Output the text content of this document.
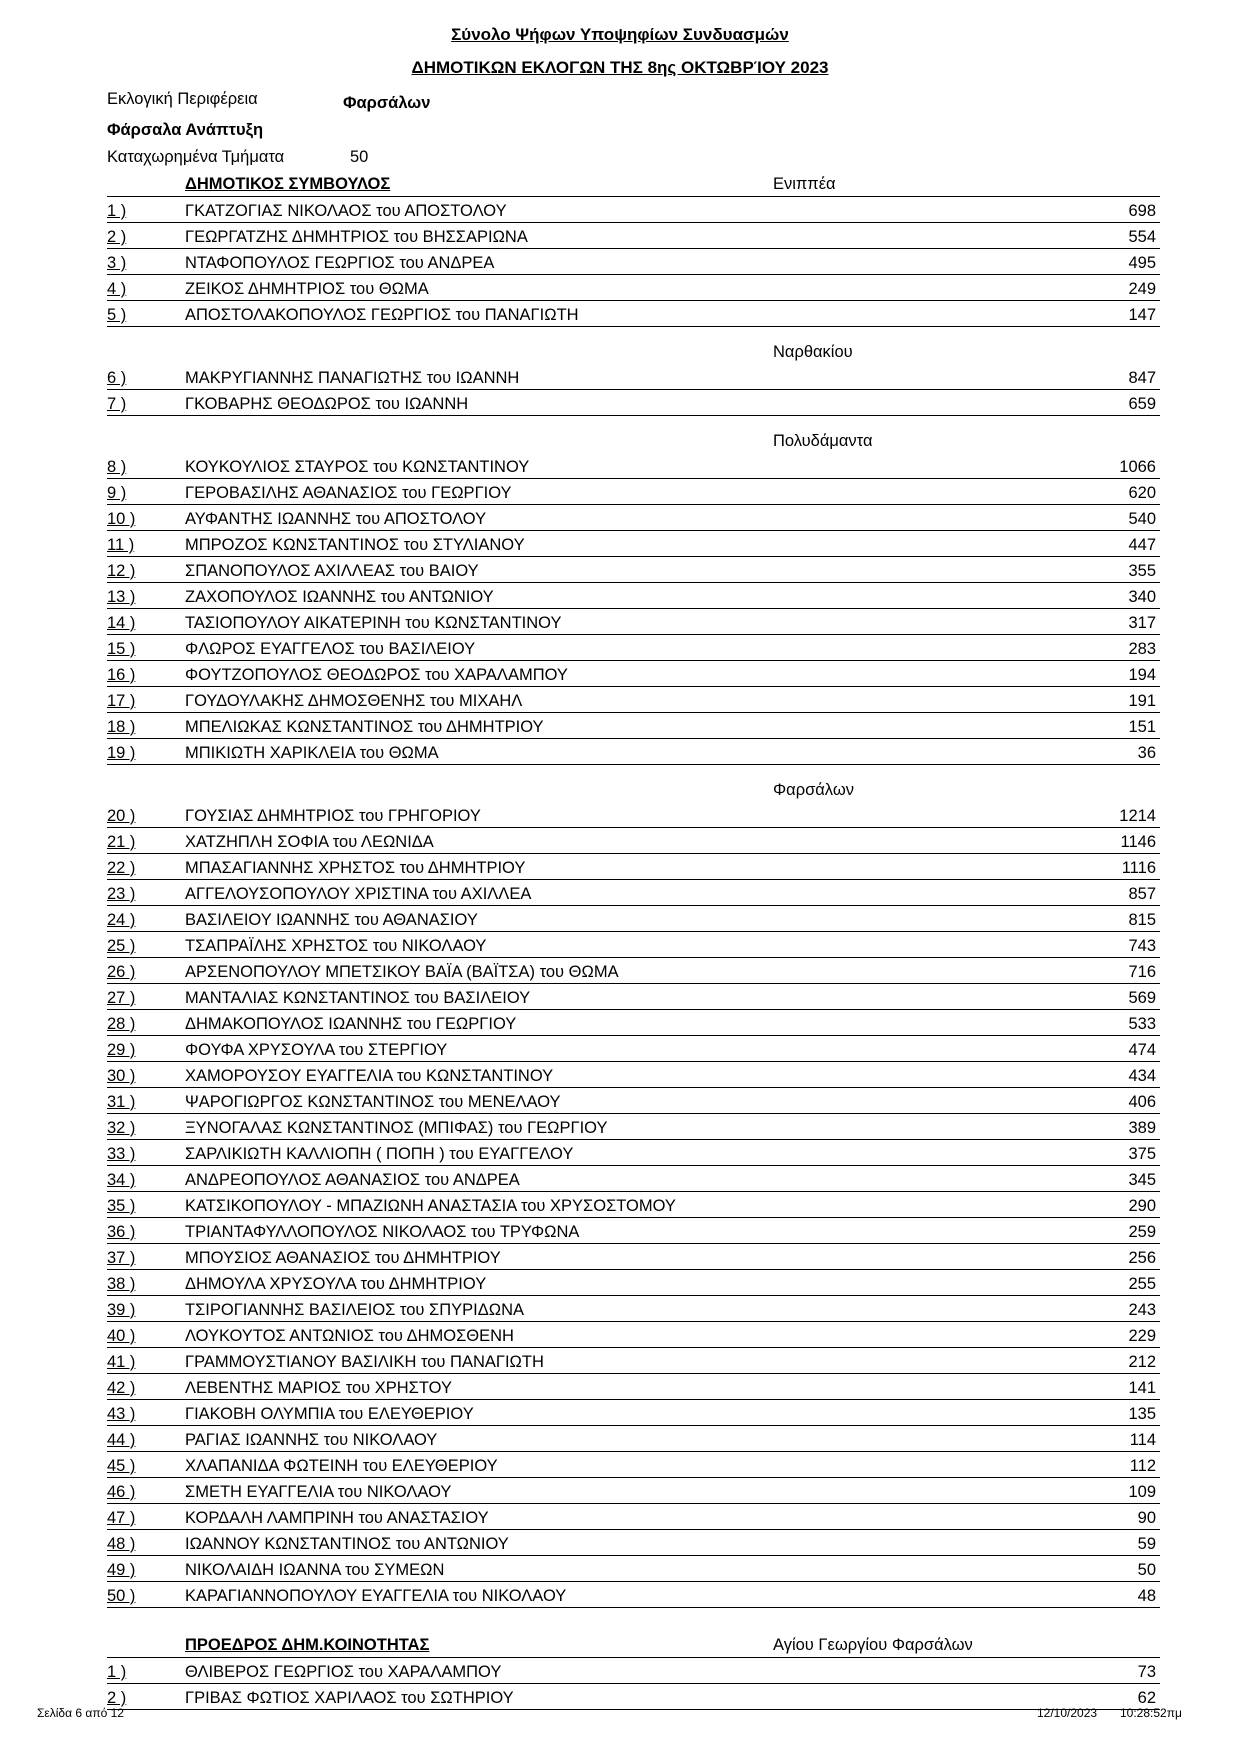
Σύνολο Ψήφων Υποψηφίων Συνδυασμών
ΔΗΜΟΤΙΚΩΝ ΕΚΛΟΓΩΝ ΤΗΣ 8ης ΟΚΤΩΒΡΊΟΥ 2023
Εκλογική Περιφέρεια	Φαρσάλων
Φάρσαλα Ανάπτυξη
Καταχωρημένα Τμήματα	50
ΔΗΜΟΤΙΚΟΣ ΣΥΜΒΟΥΛΟΣ	Ενιππέα
1 )	ΓΚΑΤΖΟΓΙΑΣ ΝΙΚΟΛΑΟΣ του ΑΠΟΣΤΟΛΟΥ	698
2 )	ΓΕΩΡΓΑΤΖΗΣ ΔΗΜΗΤΡΙΟΣ του ΒΗΣΣΑΡΙΩΝΑ	554
3 )	ΝΤΑΦΟΠΟΥΛΟΣ ΓΕΩΡΓΙΟΣ του ΑΝΔΡΕΑ	495
4 )	ΖΕΙΚΟΣ ΔΗΜΗΤΡΙΟΣ του ΘΩΜΑ	249
5 )	ΑΠΟΣΤΟΛΑΚΟΠΟΥΛΟΣ ΓΕΩΡΓΙΟΣ του ΠΑΝΑΓΙΩΤΗ	147
Ναρθακίου
6 )	ΜΑΚΡΥΓΙΑΝΝΗΣ ΠΑΝΑΓΙΩΤΗΣ του ΙΩΑΝΝΗ	847
7 )	ΓΚΟΒΑΡΗΣ ΘΕΟΔΩΡΟΣ του ΙΩΑΝΝΗ	659
Πολυδάμαντα
8 )	ΚΟΥΚΟΥΛΙΟΣ ΣΤΑΥΡΟΣ του ΚΩΝΣΤΑΝΤΙΝΟΥ	1066
9 )	ΓΕΡΟΒΑΣΙΛΗΣ ΑΘΑΝΑΣΙΟΣ του ΓΕΩΡΓΙΟΥ	620
10 )	ΑΥΦΑΝΤΗΣ ΙΩΑΝΝΗΣ του ΑΠΟΣΤΟΛΟΥ	540
11 )	ΜΠΡΟΖΟΣ ΚΩΝΣΤΑΝΤΙΝΟΣ του ΣΤΥΛΙΑΝΟΥ	447
12 )	ΣΠΑΝΟΠΟΥΛΟΣ ΑΧΙΛΛΕΑΣ του ΒΑΙΟΥ	355
13 )	ΖΑΧΟΠΟΥΛΟΣ ΙΩΑΝΝΗΣ του ΑΝΤΩΝΙΟΥ	340
14 )	ΤΑΣΙΟΠΟΥΛΟΥ ΑΙΚΑΤΕΡΙΝΗ του ΚΩΝΣΤΑΝΤΙΝΟΥ	317
15 )	ΦΛΩΡΟΣ ΕΥΑΓΓΕΛΟΣ του ΒΑΣΙΛΕΙΟΥ	283
16 )	ΦΟΥΤΖΟΠΟΥΛΟΣ ΘΕΟΔΩΡΟΣ του ΧΑΡΑΛΑΜΠΟΥ	194
17 )	ΓΟΥΔΟΥΛΑΚΗΣ ΔΗΜΟΣΘΕΝΗΣ του ΜΙΧΑΗΛ	191
18 )	ΜΠΕΛΙΩΚΑΣ ΚΩΝΣΤΑΝΤΙΝΟΣ του ΔΗΜΗΤΡΙΟΥ	151
19 )	ΜΠΙΚΙΩΤΗ ΧΑΡΙΚΛΕΙΑ του ΘΩΜΑ	36
Φαρσάλων
20 )	ΓΟΥΣΙΑΣ ΔΗΜΗΤΡΙΟΣ του ΓΡΗΓΟΡΙΟΥ	1214
21 )	ΧΑΤΖΗΠΛΗ ΣΟΦΙΑ του ΛΕΩΝΙΔΑ	1146
22 )	ΜΠΑΣΑΓΙΑΝΝΗΣ ΧΡΗΣΤΟΣ του ΔΗΜΗΤΡΙΟΥ	1116
23 )	ΑΓΓΕΛΟΥΣΟΠΟΥΛΟΥ ΧΡΙΣΤΙΝΑ του ΑΧΙΛΛΕΑ	857
24 )	ΒΑΣΙΛΕΙΟΥ ΙΩΑΝΝΗΣ του ΑΘΑΝΑΣΙΟΥ	815
25 )	ΤΣΑΠΡΑΪΛΗΣ ΧΡΗΣΤΟΣ του ΝΙΚΟΛΑΟΥ	743
26 )	ΑΡΣΕΝΟΠΟΥΛΟΥ ΜΠΕΤΣΙΚΟΥ ΒΑΪΑ (ΒΑΪΤΣΑ) του ΘΩΜΑ	716
27 )	ΜΑΝΤΑΛΙΑΣ ΚΩΝΣΤΑΝΤΙΝΟΣ του ΒΑΣΙΛΕΙΟΥ	569
28 )	ΔΗΜΑΚΟΠΟΥΛΟΣ ΙΩΑΝΝΗΣ του ΓΕΩΡΓΙΟΥ	533
29 )	ΦΟΥΦΑ ΧΡΥΣΟΥΛΑ του ΣΤΕΡΓΙΟΥ	474
30 )	ΧΑΜΟΡΟΥΣΟΥ ΕΥΑΓΓΕΛΙΑ του ΚΩΝΣΤΑΝΤΙΝΟΥ	434
31 )	ΨΑΡΟΓΙΩΡΓΟΣ ΚΩΝΣΤΑΝΤΙΝΟΣ του ΜΕΝΕΛΑΟΥ	406
32 )	ΞΥΝΟΓΑΛΑΣ ΚΩΝΣΤΑΝΤΙΝΟΣ (ΜΠΙΦΑΣ) του ΓΕΩΡΓΙΟΥ	389
33 )	ΣΑΡΛΙΚΙΩΤΗ ΚΑΛΛΙΟΠΗ ( ΠΟΠΗ ) του ΕΥΑΓΓΕΛΟΥ	375
34 )	ΑΝΔΡΕΟΠΟΥΛΟΣ ΑΘΑΝΑΣΙΟΣ του ΑΝΔΡΕΑ	345
35 )	ΚΑΤΣΙΚΟΠΟΥΛΟΥ - ΜΠΑΖΙΩΝΗ ΑΝΑΣΤΑΣΙΑ του ΧΡΥΣΟΣΤΟΜΟΥ	290
36 )	ΤΡΙΑΝΤΑΦΥΛΛΟΠΟΥΛΟΣ ΝΙΚΟΛΑΟΣ του ΤΡΥΦΩΝΑ	259
37 )	ΜΠΟΥΣΙΟΣ ΑΘΑΝΑΣΙΟΣ του ΔΗΜΗΤΡΙΟΥ	256
38 )	ΔΗΜΟΥΛΑ ΧΡΥΣΟΥΛΑ του ΔΗΜΗΤΡΙΟΥ	255
39 )	ΤΣΙΡΟΓΙΑΝΝΗΣ ΒΑΣΙΛΕΙΟΣ του ΣΠΥΡΙΔΩΝΑ	243
40 )	ΛΟΥΚΟΥΤΟΣ ΑΝΤΩΝΙΟΣ του ΔΗΜΟΣΘΕΝΗ	229
41 )	ΓΡΑΜΜΟΥΣΤΙΑΝΟΥ ΒΑΣΙΛΙΚΗ του ΠΑΝΑΓΙΩΤΗ	212
42 )	ΛΕΒΕΝΤΗΣ ΜΑΡΙΟΣ του ΧΡΗΣΤΟΥ	141
43 )	ΓΙΑΚΟΒΗ ΟΛΥΜΠΙΑ του ΕΛΕΥΘΕΡΙΟΥ	135
44 )	ΡΑΓΙΑΣ ΙΩΑΝΝΗΣ του ΝΙΚΟΛΑΟΥ	114
45 )	ΧΛΑΠΑΝΙΔΑ ΦΩΤΕΙΝΗ του ΕΛΕΥΘΕΡΙΟΥ	112
46 )	ΣΜΕΤΗ ΕΥΑΓΓΕΛΙΑ του ΝΙΚΟΛΑΟΥ	109
47 )	ΚΟΡΔΑΛΗ ΛΑΜΠΡΙΝΗ του ΑΝΑΣΤΑΣΙΟΥ	90
48 )	ΙΩΑΝΝΟΥ ΚΩΝΣΤΑΝΤΙΝΟΣ του ΑΝΤΩΝΙΟΥ	59
49 )	ΝΙΚΟΛΑΙΔΗ ΙΩΑΝΝΑ του ΣΥΜΕΩΝ	50
50 )	ΚΑΡΑΓΙΑΝΝΟΠΟΥΛΟΥ ΕΥΑΓΓΕΛΙΑ του ΝΙΚΟΛΑΟΥ	48
ΠΡΟΕΔΡΟΣ ΔΗΜ.ΚΟΙΝΟΤΗΤΑΣ	Αγίου Γεωργίου Φαρσάλων
1 )	ΘΛΙΒΕΡΟΣ ΓΕΩΡΓΙΟΣ του ΧΑΡΑΛΑΜΠΟΥ	73
2 )	ΓΡΙΒΑΣ ΦΩΤΙΟΣ ΧΑΡΙΛΑΟΣ του ΣΩΤΗΡΙΟΥ	62
Σελίδα 6 από 12	12/10/2023 10:28:52πμ
